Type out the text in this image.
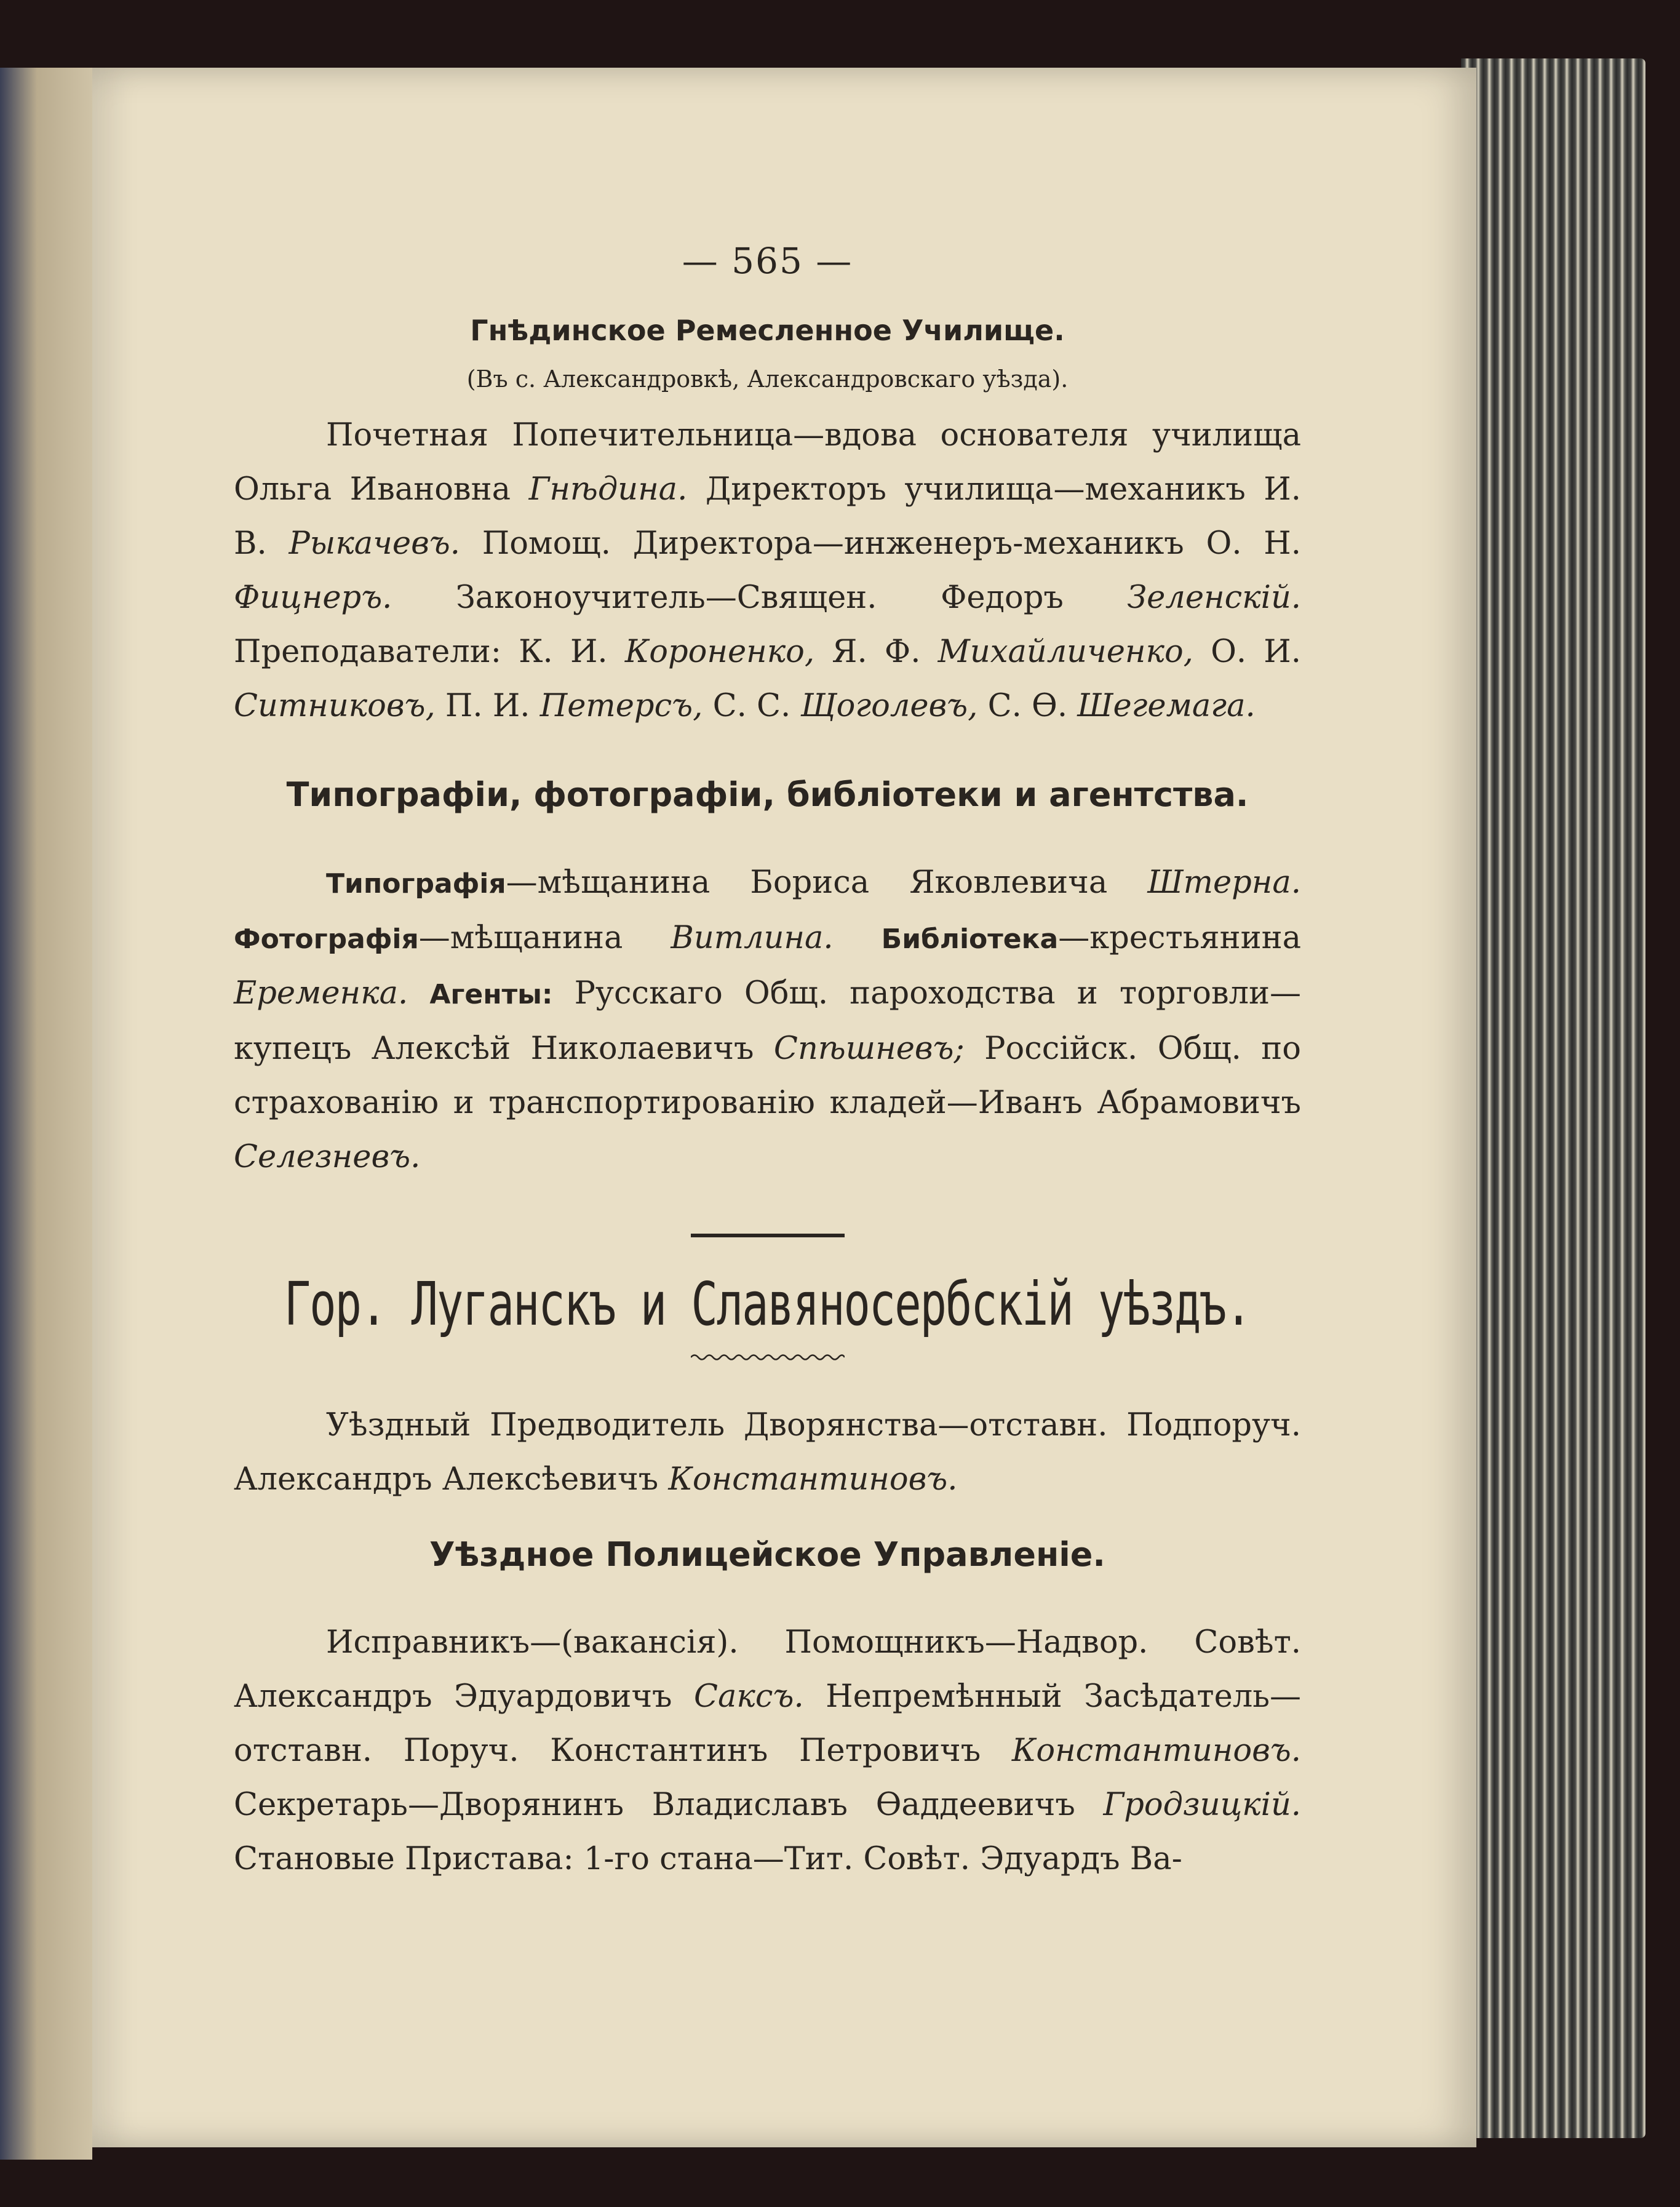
— 565 —

Гнѣдинское Ремесленное Училище.

(Въ с. Александровкѣ, Александровскаго уѣзда).

Почетная Попечительница—вдова основателя училища Ольга Ивановна Гнѣдина. Директоръ училища—механикъ И. В. Рыкачевъ. Помощ. Директора—инженеръ-механикъ О. Н. Фицнеръ. Законоучитель—Священ. Федоръ Зеленскій. Преподаватели: К. И. Короненко, Я. Ф. Михайличенко, О. И. Ситниковъ, П. И. Петерсъ, С. С. Щоголевъ, С. Ѳ. Шегемага.

Типографіи, фотографіи, библіотеки и агентства.

Типографія—мѣщанина Бориса Яковлевича Штерна. Фотографія—мѣщанина Витлина. Библіотека—крестьянина Еременка. Агенты: Русскаго Общ. пароходства и торговли—купецъ Алексѣй Николаевичъ Спѣшневъ; Россійск. Общ. по страхованію и транспортированію кладей—Иванъ Абрамовичъ Селезневъ.

Гор. Луганскъ и Славяносербскій уѣздъ.

Уѣздный Предводитель Дворянства—отставн. Подпоруч. Александръ Алексѣевичъ Константиновъ.

Уѣздное Полицейское Управленіе.

Исправникъ—(вакансія). Помощникъ—Надвор. Совѣт. Александръ Эдуардовичъ Саксъ. Непремѣнный Засѣдатель—отставн. Поруч. Константинъ Петровичъ Константиновъ. Секретарь—Дворянинъ Владиславъ Ѳаддеевичъ Гродзицкій. Становые Пристава: 1-го стана—Тит. Совѣт. Эдуардъ Ва-
